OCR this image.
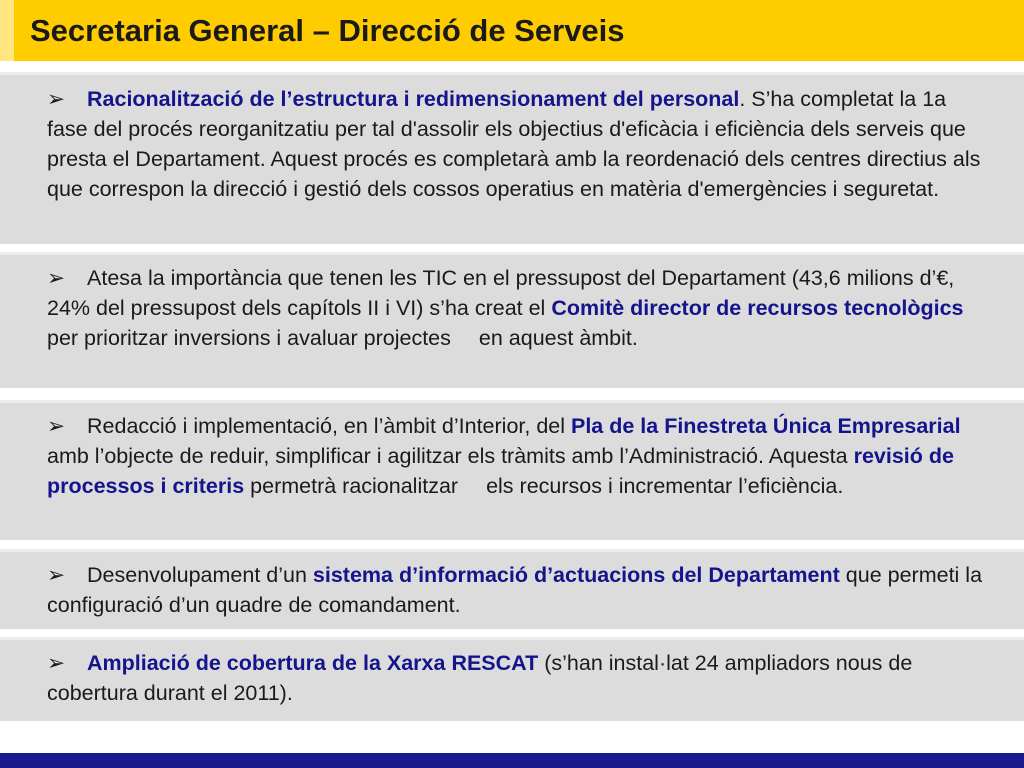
Secretaria General – Direcció de Serveis

➢ Racionalització de l’estructura i redimensionament del personal. S’ha completat la 1a fase del procés reorganitzatiu per tal d'assolir els objectius d'eficàcia i eficiència dels serveis que presta el Departament. Aquest procés es completarà amb la reordenació dels centres directius als que correspon la direcció i gestió dels cossos operatius en matèria d'emergències i seguretat.

➢ Atesa la importància que tenen les TIC en el pressupost del Departament (43,6 milions d’€, 24% del pressupost dels capítols II i VI) s’ha creat el Comitè director de recursos tecnològics per prioritzar inversions i avaluar projectes en aquest àmbit.

➢ Redacció i implementació, en l’àmbit d’Interior, del Pla de la Finestreta Única Empresarial amb l’objecte de reduir, simplificar i agilitzar els tràmits amb l’Administració. Aquesta revisió de processos i criteris permetrà racionalitzar els recursos i incrementar l’eficiència.

➢ Desenvolupament d’un sistema d’informació d’actuacions del Departament que permeti la configuració d’un quadre de comandament.

➢ Ampliació de cobertura de la Xarxa RESCAT (s’han instal·lat 24 ampliadors nous de cobertura durant el 2011).
